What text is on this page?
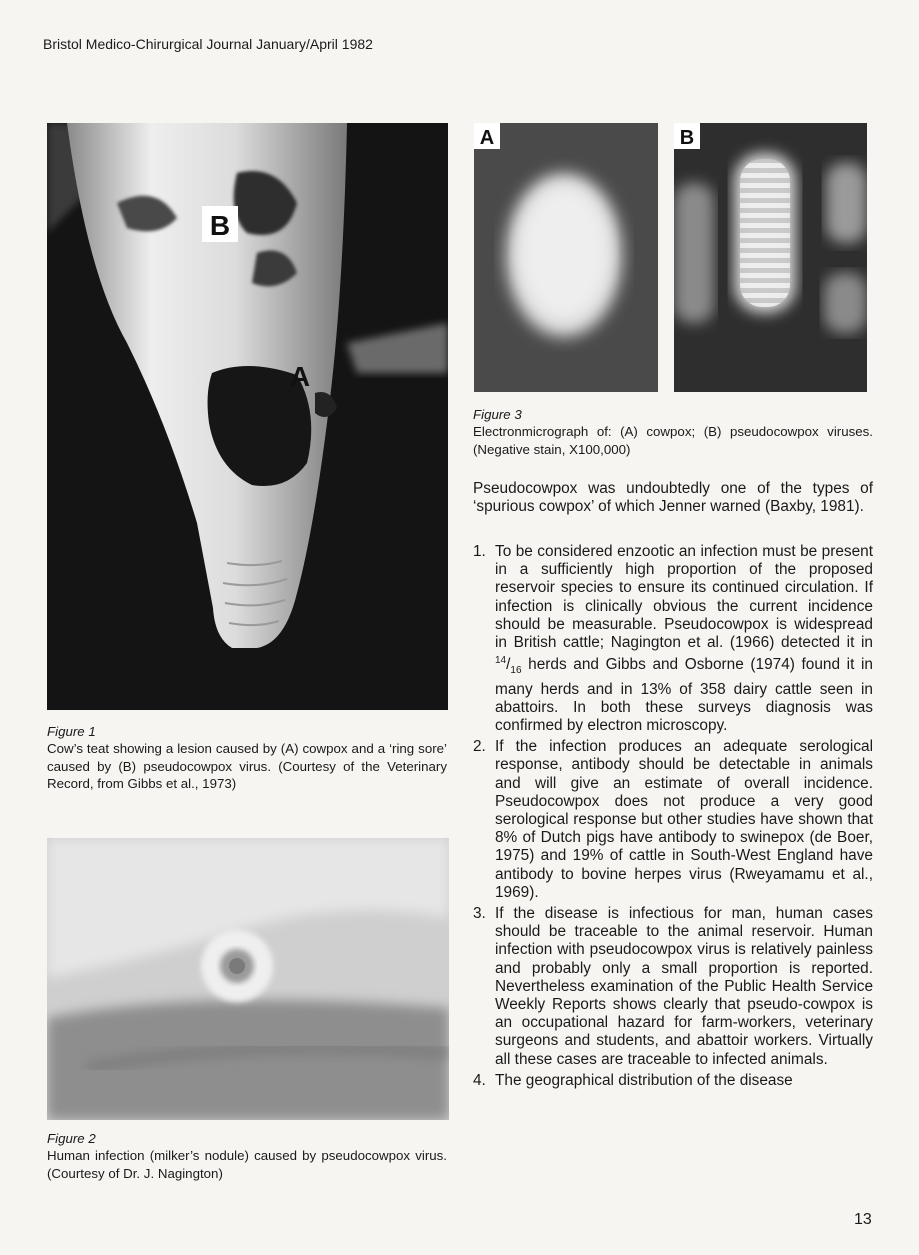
Bristol Medico-Chirurgical Journal January/April 1982
B
A
Figure 1
Cow’s teat showing a lesion caused by (A) cowpox and a ‘ring sore’ caused by (B) pseudocowpox virus. (Courtesy of the Veterinary Record, from Gibbs et al., 1973)
Figure 2
Human infection (milker’s nodule) caused by pseudocowpox virus. (Courtesy of Dr. J. Nagington)
A	B
Figure 3
Electronmicrograph of: (A) cowpox; (B) pseudocowpox viruses. (Negative stain, X100,000)
Pseudocowpox was undoubtedly one of the types of ‘spurious cowpox’ of which Jenner warned (Baxby, 1981).
1. To be considered enzootic an infection must be present in a sufficiently high proportion of the proposed reservoir species to ensure its continued circulation. If infection is clinically obvious the current incidence should be measurable. Pseudocowpox is widespread in British cattle; Nagington et al. (1966) detected it in $^{14}/_{16}$ herds and Gibbs and Osborne (1974) found it in many herds and in 13% of 358 dairy cattle seen in abattoirs. In both these surveys diagnosis was confirmed by electron microscopy.
2. If the infection produces an adequate serological response, antibody should be detectable in animals and will give an estimate of overall incidence. Pseudocowpox does not produce a very good serological response but other studies have shown that 8% of Dutch pigs have antibody to swinepox (de Boer, 1975) and 19% of cattle in South-West England have antibody to bovine herpes virus (Rweyamamu et al., 1969).
3. If the disease is infectious for man, human cases should be traceable to the animal reservoir. Human infection with pseudocowpox virus is relatively painless and probably only a small proportion is reported. Nevertheless examination of the Public Health Service Weekly Reports shows clearly that pseudo-cowpox is an occupational hazard for farm-workers, veterinary surgeons and students, and abattoir workers. Virtually all these cases are traceable to infected animals.
4. The geographical distribution of the disease
13
